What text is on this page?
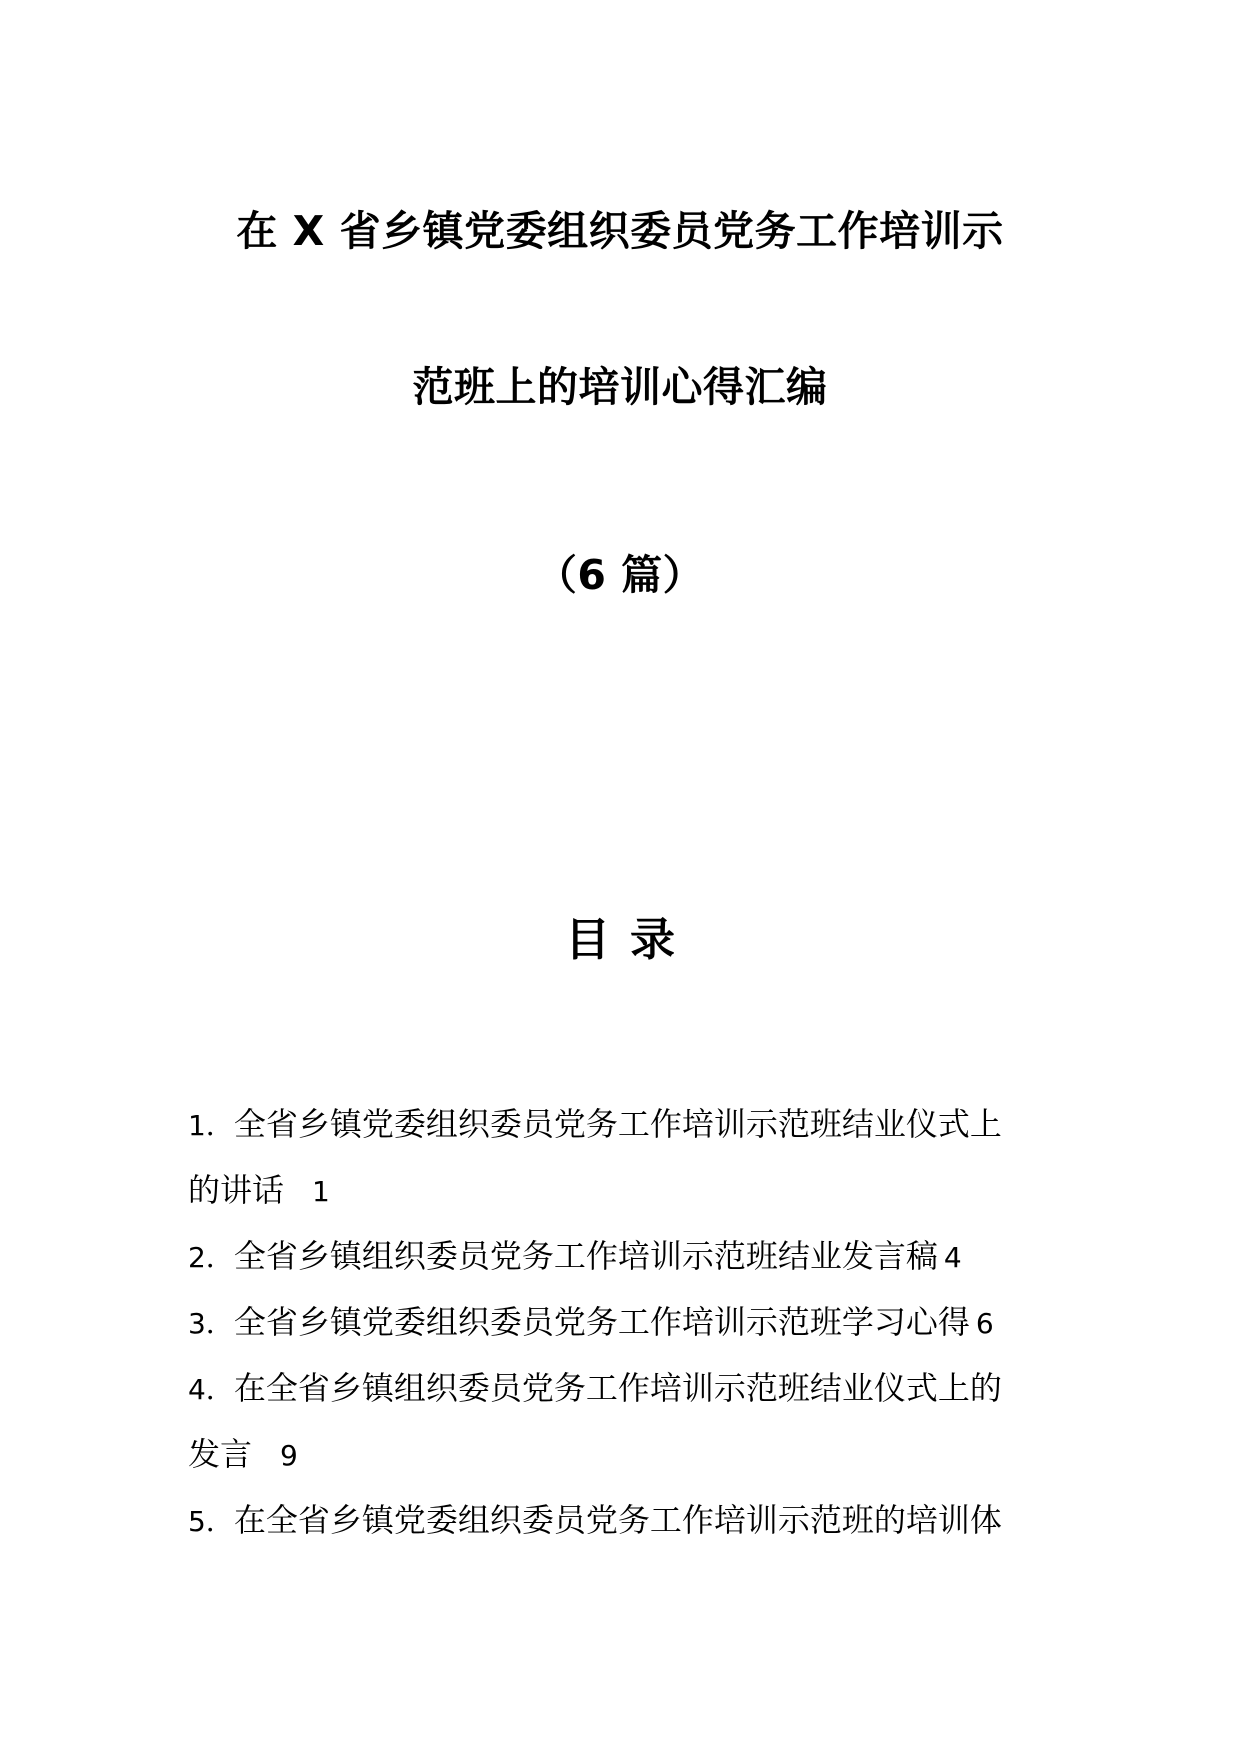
在 X 省乡镇党委组织委员党务工作培训示
范班上的培训心得汇编
（6 篇）
目录
1．全省乡镇党委组织委员党务工作培训示范班结业仪式上
的讲话 1
2．全省乡镇组织委员党务工作培训示范班结业发言稿 4
3．全省乡镇党委组织委员党务工作培训示范班学习心得 6
4．在全省乡镇组织委员党务工作培训示范班结业仪式上的
发言 9
5．在全省乡镇党委组织委员党务工作培训示范班的培训体
